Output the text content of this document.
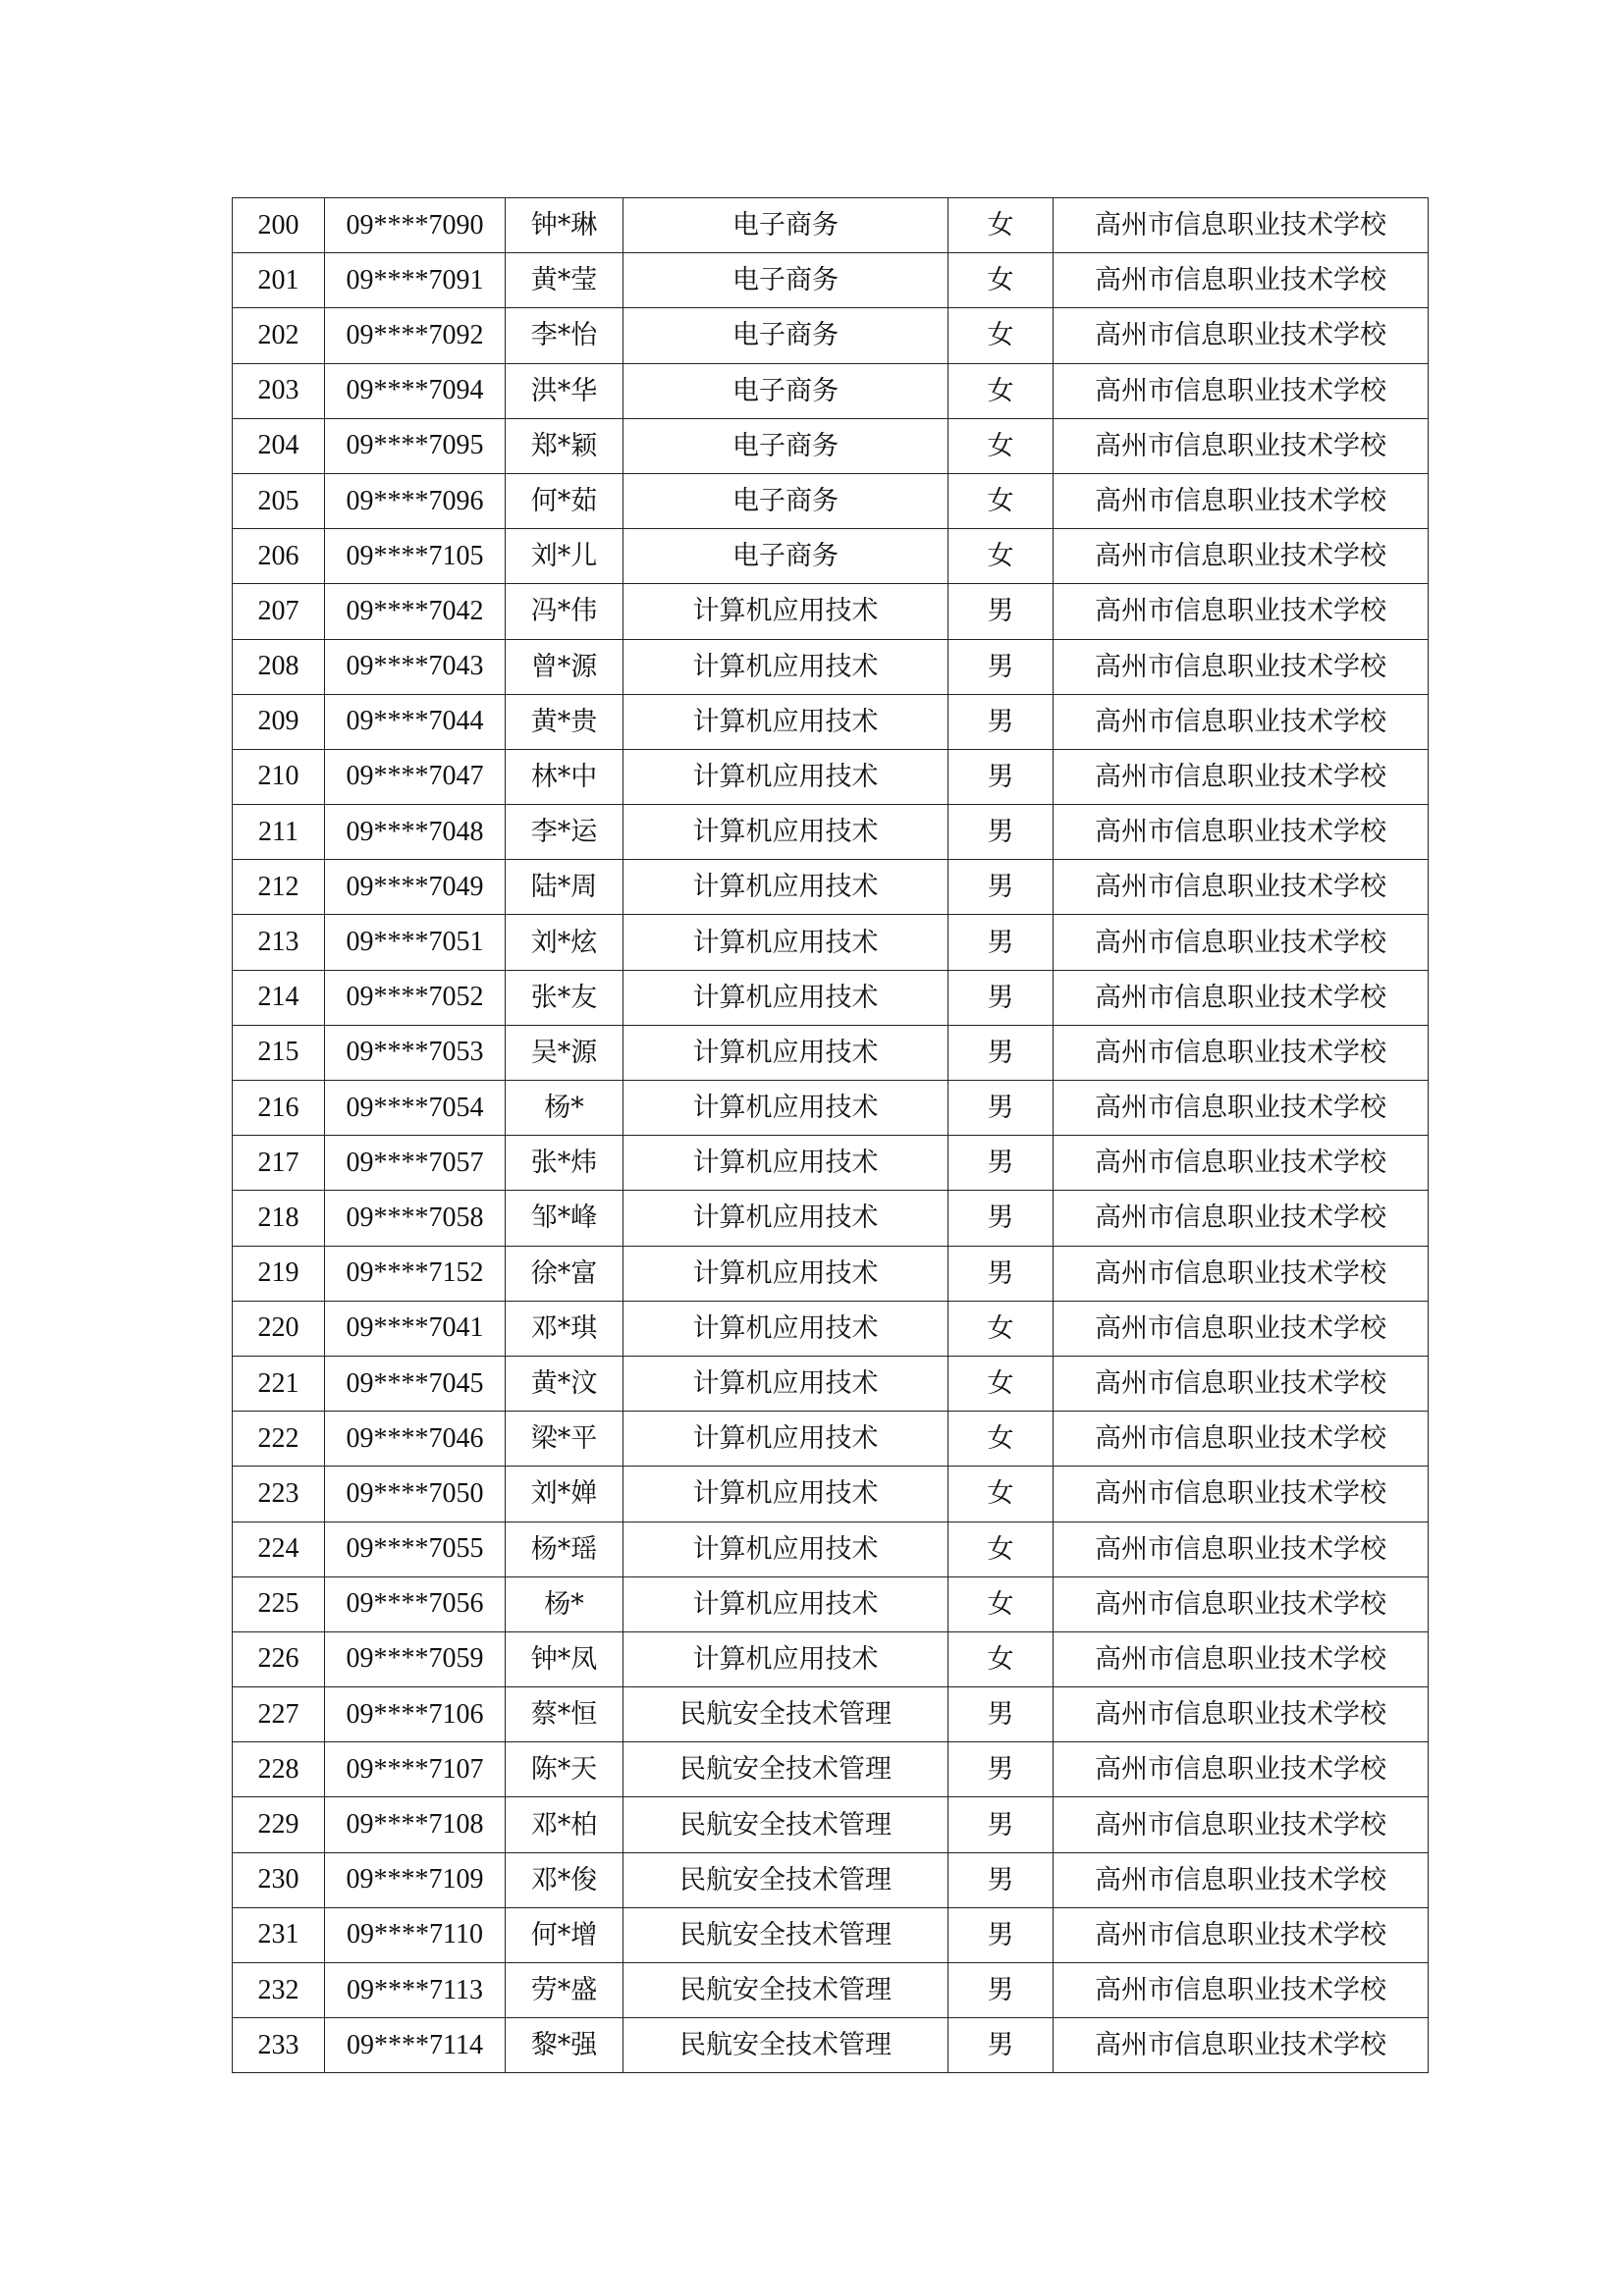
200	09****7090	钟*琳	电子商务	女	高州市信息职业技术学校
201	09****7091	黄*莹	电子商务	女	高州市信息职业技术学校
202	09****7092	李*怡	电子商务	女	高州市信息职业技术学校
203	09****7094	洪*华	电子商务	女	高州市信息职业技术学校
204	09****7095	郑*颖	电子商务	女	高州市信息职业技术学校
205	09****7096	何*茹	电子商务	女	高州市信息职业技术学校
206	09****7105	刘*儿	电子商务	女	高州市信息职业技术学校
207	09****7042	冯*伟	计算机应用技术	男	高州市信息职业技术学校
208	09****7043	曾*源	计算机应用技术	男	高州市信息职业技术学校
209	09****7044	黄*贵	计算机应用技术	男	高州市信息职业技术学校
210	09****7047	林*中	计算机应用技术	男	高州市信息职业技术学校
211	09****7048	李*运	计算机应用技术	男	高州市信息职业技术学校
212	09****7049	陆*周	计算机应用技术	男	高州市信息职业技术学校
213	09****7051	刘*炫	计算机应用技术	男	高州市信息职业技术学校
214	09****7052	张*友	计算机应用技术	男	高州市信息职业技术学校
215	09****7053	吴*源	计算机应用技术	男	高州市信息职业技术学校
216	09****7054	杨*	计算机应用技术	男	高州市信息职业技术学校
217	09****7057	张*炜	计算机应用技术	男	高州市信息职业技术学校
218	09****7058	邹*峰	计算机应用技术	男	高州市信息职业技术学校
219	09****7152	徐*富	计算机应用技术	男	高州市信息职业技术学校
220	09****7041	邓*琪	计算机应用技术	女	高州市信息职业技术学校
221	09****7045	黄*汶	计算机应用技术	女	高州市信息职业技术学校
222	09****7046	梁*平	计算机应用技术	女	高州市信息职业技术学校
223	09****7050	刘*婵	计算机应用技术	女	高州市信息职业技术学校
224	09****7055	杨*瑶	计算机应用技术	女	高州市信息职业技术学校
225	09****7056	杨*	计算机应用技术	女	高州市信息职业技术学校
226	09****7059	钟*凤	计算机应用技术	女	高州市信息职业技术学校
227	09****7106	蔡*恒	民航安全技术管理	男	高州市信息职业技术学校
228	09****7107	陈*天	民航安全技术管理	男	高州市信息职业技术学校
229	09****7108	邓*柏	民航安全技术管理	男	高州市信息职业技术学校
230	09****7109	邓*俊	民航安全技术管理	男	高州市信息职业技术学校
231	09****7110	何*增	民航安全技术管理	男	高州市信息职业技术学校
232	09****7113	劳*盛	民航安全技术管理	男	高州市信息职业技术学校
233	09****7114	黎*强	民航安全技术管理	男	高州市信息职业技术学校
